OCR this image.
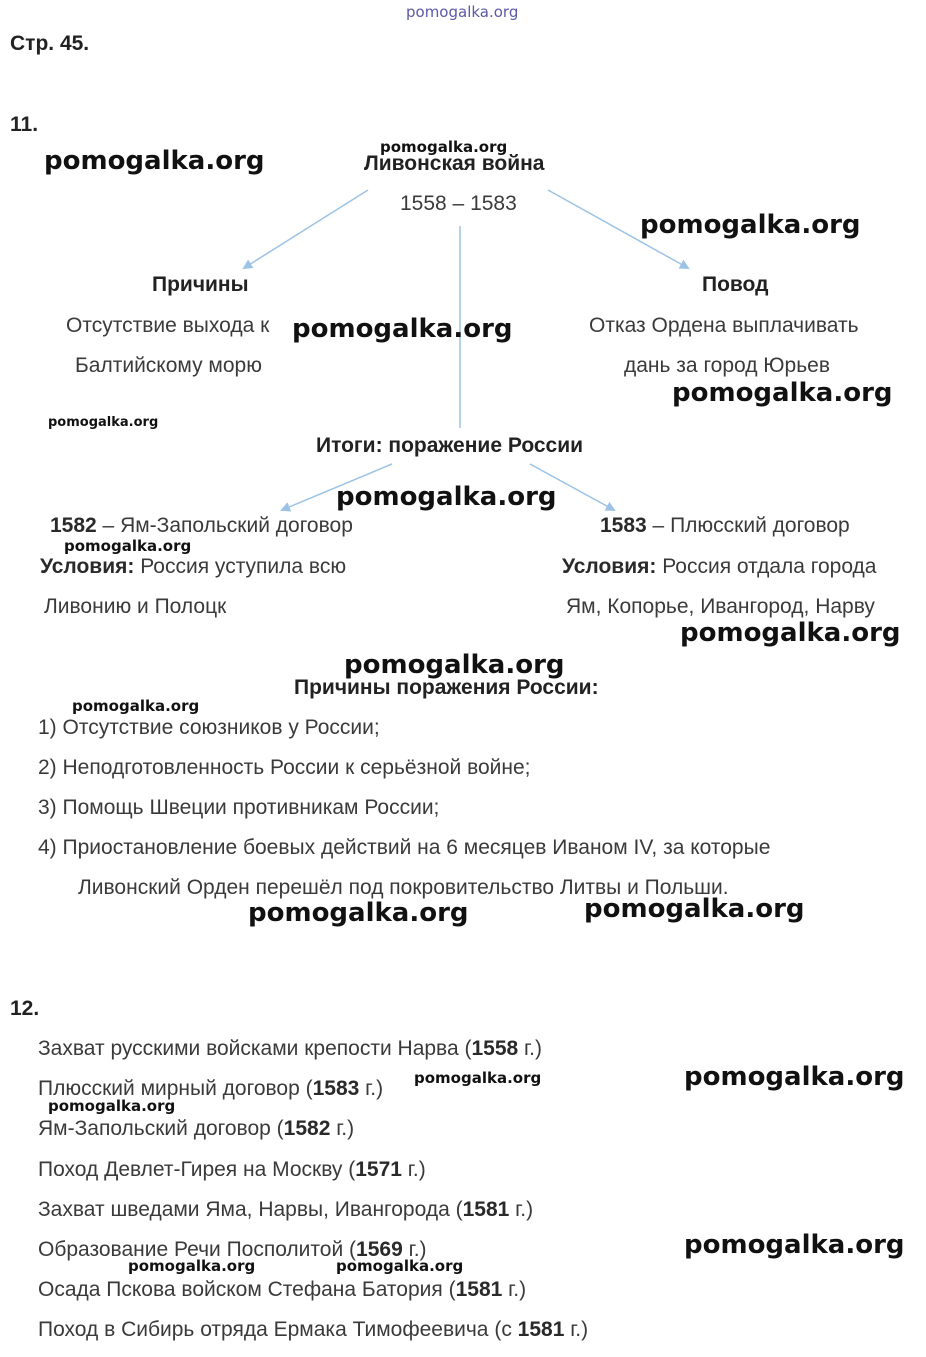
pomogalka.org
pomogalka.org
pomogalka.org
pomogalka.org
pomogalka.org
pomogalka.org
pomogalka.org
pomogalka.org
pomogalka.org
pomogalka.org
pomogalka.org
pomogalka.org
pomogalka.org	pomogalka.org
pomogalka.org	pomogalka.org
pomogalka.org
pomogalka.org
pomogalka.org	pomogalka.org
Стр. 45.
11.
Ливонская война
1558 – 1583
Причины
Отсутствие выхода к
Балтийскому морю
Повод
Отказ Ордена выплачивать
дань за город Юрьев
Итоги: поражение России
1582 – Ям-Запольский договор
Условия: Россия уступила всю
Ливонию и Полоцк
1583 – Плюсский договор
Условия: Россия отдала города
Ям, Копорье, Ивангород, Нарву
Причины поражения России:
1) Отсутствие союзников у России;
2) Неподготовленность России к серьёзной войне;
3) Помощь Швеции противникам России;
4) Приостановление боевых действий на 6 месяцев Иваном IV, за которые
Ливонский Орден перешёл под покровительство Литвы и Польши.
12.
Захват русскими войсками крепости Нарва (1558 г.)
Плюсский мирный договор (1583 г.)
Ям-Запольский договор (1582 г.)
Поход Девлет-Гирея на Москву (1571 г.)
Захват шведами Яма, Нарвы, Ивангорода (1581 г.)
Образование Речи Посполитой (1569 г.)
Осада Пскова войском Стефана Батория (1581 г.)
Поход в Сибирь отряда Ермака Тимофеевича (с 1581 г.)
